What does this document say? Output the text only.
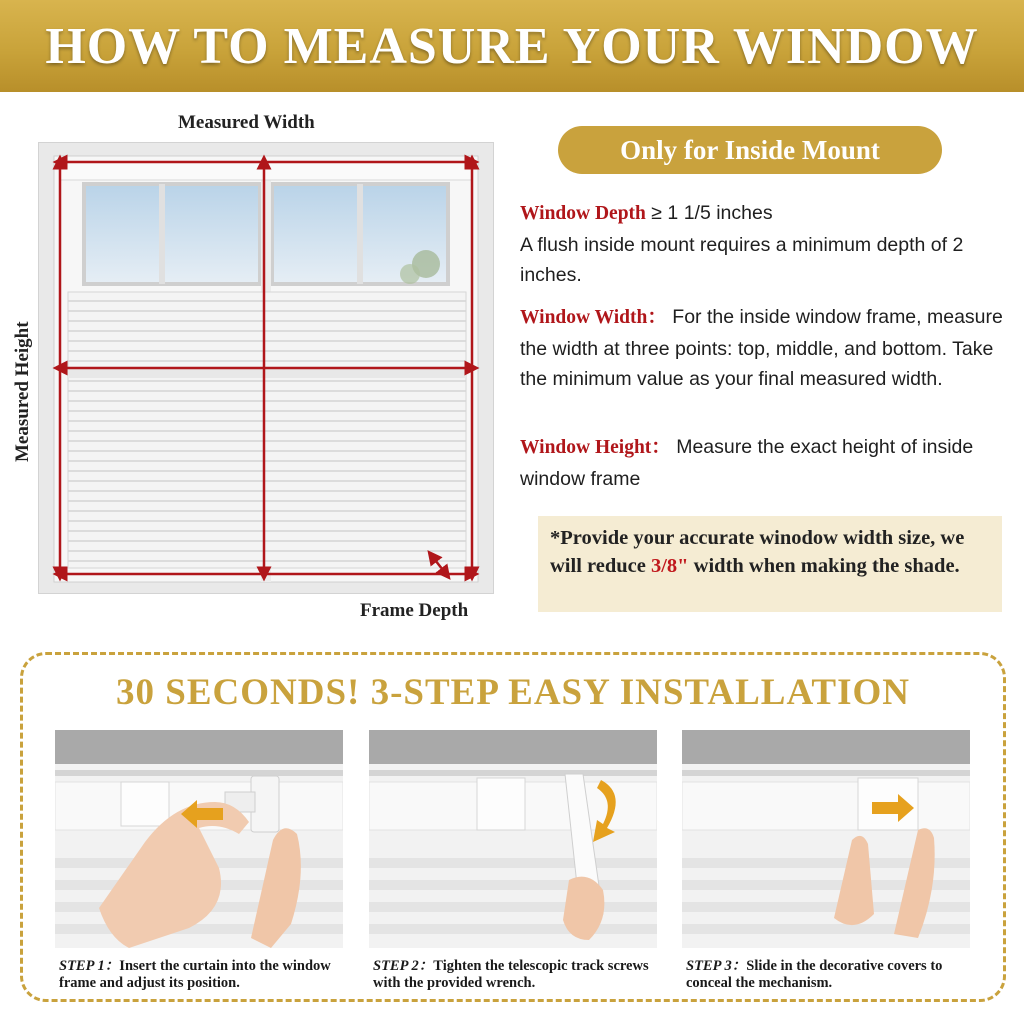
HOW TO MEASURE YOUR WINDOW
Measured Width
Measured Height
Frame Depth
Only for Inside Mount
Window Depth ≥ 1 1/5 inches
A flush inside mount requires a minimum depth of 2 inches.
Window Width： For the inside window frame, measure the width at three points: top, middle, and bottom. Take the minimum value as your final measured width.
Window Height： Measure the exact height of inside window frame
*Provide your accurate winodow width size, we will reduce 3/8" width when making the shade.
30 SECONDS! 3-STEP EASY INSTALLATION
STEP 1：Insert the curtain into the window frame and adjust its position.
STEP 2：Tighten the telescopic track screws with the provided wrench.
STEP 3：Slide in the decorative covers to conceal the mechanism.
